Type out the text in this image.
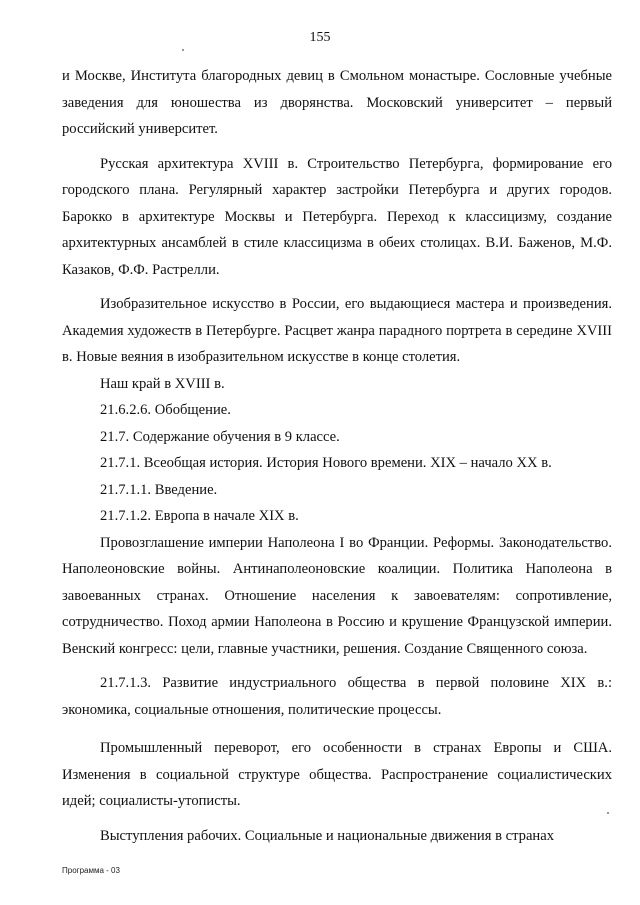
155

и Москве, Института благородных девиц в Смольном монастыре. Сословные учебные заведения для юношества из дворянства. Московский университет – первый российский университет.

Русская архитектура XVIII в. Строительство Петербурга, формирование его городского плана. Регулярный характер застройки Петербурга и других городов. Барокко в архитектуре Москвы и Петербурга. Переход к классицизму, создание архитектурных ансамблей в стиле классицизма в обеих столицах. В.И. Баженов, М.Ф. Казаков, Ф.Ф. Растрелли.

Изобразительное искусство в России, его выдающиеся мастера и произведения. Академия художеств в Петербурге. Расцвет жанра парадного портрета в середине XVIII в. Новые веяния в изобразительном искусстве в конце столетия.

Наш край в XVIII в.

21.6.2.6. Обобщение.

21.7. Содержание обучения в 9 классе.

21.7.1. Всеобщая история. История Нового времени. XIX – начало XX в.

21.7.1.1. Введение.

21.7.1.2. Европа в начале XIX в.

Провозглашение империи Наполеона I во Франции. Реформы. Законодательство. Наполеоновские войны. Антинаполеоновские коалиции. Политика Наполеона в завоеванных странах. Отношение населения к завоевателям: сопротивление, сотрудничество. Поход армии Наполеона в Россию и крушение Французской империи. Венский конгресс: цели, главные участники, решения. Создание Священного союза.

21.7.1.3. Развитие индустриального общества в первой половине XIX в.: экономика, социальные отношения, политические процессы.

Промышленный переворот, его особенности в странах Европы и США. Изменения в социальной структуре общества. Распространение социалистических идей; социалисты-утописты.

Выступления рабочих. Социальные и национальные движения в странах

Программа - 03
